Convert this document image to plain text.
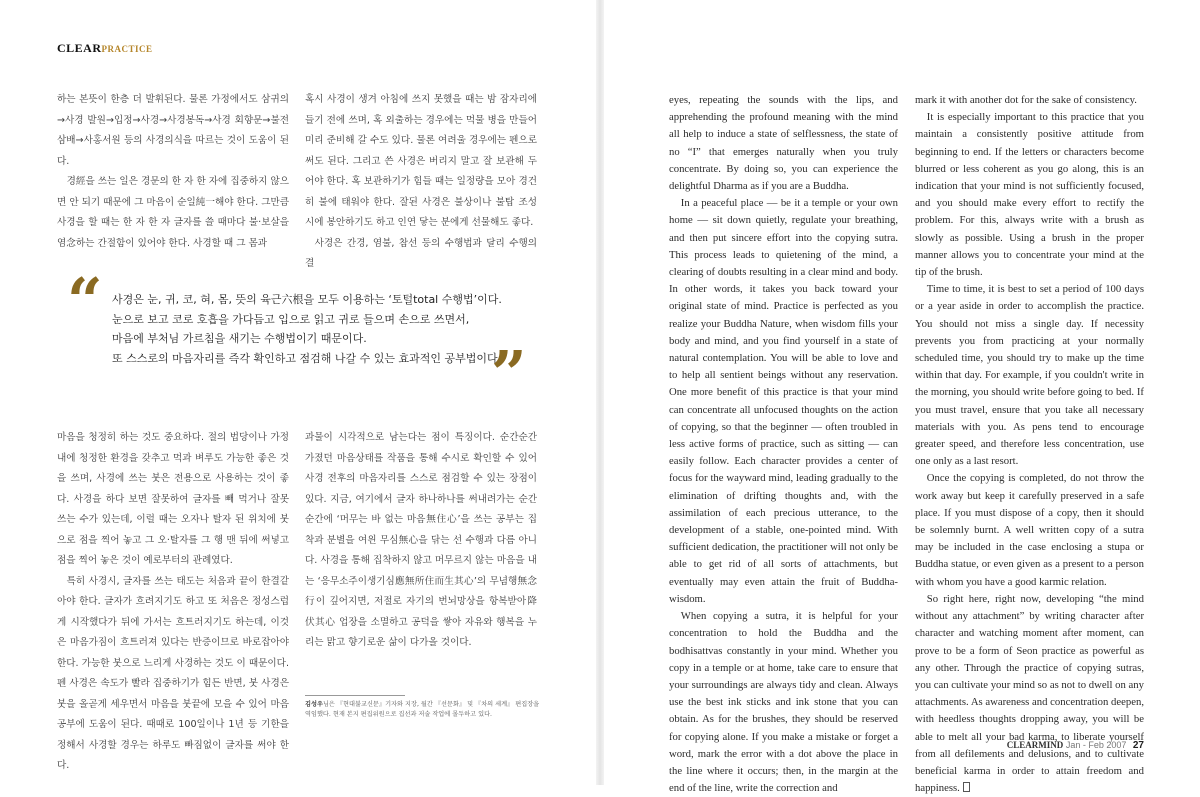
CLEARPRACTICE

하는 본뜻이 한층 더 발휘된다. 물론 가정에서도 삼귀의→사경 발원→입정→사경→사경봉독→사경 회향문→불전 삼배→사홍서원 등의 사경의식을 따르는 것이 도움이 된다.

경經을 쓰는 일은 경문의 한 자 한 자에 집중하지 않으면 안 되기 때문에 그 마음이 순일純一해야 한다. 그만큼 사경을 할 때는 한 자 한 자 글자를 쓸 때마다 불·보살을 염念하는 간절함이 있어야 한다. 사경할 때 그 몸과

혹시 사경이 생겨 아침에 쓰지 못했을 때는 밤 잠자리에 들기 전에 쓰며, 혹 외출하는 경우에는 먹물 병을 만들어 미리 준비해 갈 수도 있다. 물론 여려울 경우에는 펜으로 써도 된다. 그리고 쓴 사경은 버리지 말고 잘 보관해 두어야 한다. 혹 보관하기가 힘들 때는 일정량을 모아 경건히 불에 태워야 한다. 잘된 사경은 불상이나 불탑 조성 시에 봉안하기도 하고 인연 닿는 분에게 선물해도 좋다.

사경은 간경, 염불, 참선 등의 수행법과 달리 수행의 결

“ 사경은 눈, 귀, 코, 혀, 몸, 뜻의 육근六根을 모두 이용하는 ‘토털total 수행법’이다.

눈으로 보고 코로 호흡을 가다듬고 입으로 읽고 귀로 들으며 손으로 쓰면서,

마음에 부처님 가르침을 새기는 수행법이기 때문이다.

또 스스로의 마음자리를 즉각 확인하고 점검해 나갈 수 있는 효과적인 공부법이다.

”

마음을 청정히 하는 것도 중요하다. 절의 법당이나 가정 내에 청정한 환경을 갖추고 먹과 벼루도 가능한 좋은 것을 쓰며, 사경에 쓰는 붓은 전용으로 사용하는 것이 좋다. 사경을 하다 보면 잘못하여 글자를 빼 먹거나 잘못 쓰는 수가 있는데, 이럴 때는 오자나 탈자 된 위치에 붓으로 점을 찍어 놓고 그 오·탈자를 그 행 맨 뒤에 써넣고 점을 찍어 놓은 것이 예로부터의 관례였다.

특히 사경시, 글자를 쓰는 태도는 처음과 끝이 한결같아야 한다. 글자가 흐려지기도 하고 또 처음은 정성스럽게 시작했다가 뒤에 가서는 흐트러지기도 하는데, 이것은 마음가짐이 흐트러져 있다는 반증이므로 바로잡아야 한다. 가능한 붓으로 느리게 사경하는 것도 이 때문이다. 펜 사경은 속도가 빨라 집중하기가 힘든 반면, 붓 사경은 붓을 올곧게 세우면서 마음을 붓끝에 모을 수 있어 마음 공부에 도움이 된다. 때때로 100일이나 1년 등 기한을 정해서 사경할 경우는 하루도 빠짐없이 글자를 써야 한다.

과물이 시각적으로 남는다는 점이 특징이다. 순간순간 가졌던 마음상태를 작품을 통해 수시로 확인할 수 있어 사경 전후의 마음자리를 스스로 점검할 수 있는 장점이 있다. 지금, 여기에서 글자 하나하나를 써내려가는 순간순간에 ‘머무는 바 없는 마음無住心’을 쓰는 공부는 집착과 분별을 여읜 무심無心을 닦는 선 수행과 다름 아니다. 사경을 통해 집착하지 않고 머무르지 않는 마음을 내는 ‘응무소주이생기심應無所住而生其心’의 무념행無念行이 깊어지면, 저절로 자기의 번뇌망상을 항복받아降伏其心 업장을 소멸하고 공덕을 쌓아 자유와 행복을 누리는 맑고 향기로운 삶이 다가올 것이다.

김성우님은 『현대불교신문』기자와 지장, 월간 『선문화』 및 『차의 세계』 편집장을 역임했다. 현재 본지 편집위원으로 집선과 저술 작업에 몰두하고 있다.

eyes, repeating the sounds with the lips, and apprehending the profound meaning with the mind all help to induce a state of selflessness, the state of no “I” that emerges naturally when you truly concentrate. By doing so, you can experience the delightful Dharma as if you are a Buddha.

In a peaceful place — be it a temple or your own home — sit down quietly, regulate your breathing, and then put sincere effort into the copying sutra. This process leads to quietening of the mind, a clearing of doubts resulting in a clear mind and body. In other words, it takes you back toward your original state of mind. Practice is perfected as you realize your Buddha Nature, when wisdom fills your body and mind, and you find yourself in a state of natural contemplation. You will be able to love and to help all sentient beings without any reservation. One more benefit of this practice is that your mind can concentrate all unfocused thoughts on the action of copying, so that the beginner — often troubled in less active forms of practice, such as sitting — can easily follow. Each character provides a center of focus for the wayward mind, leading gradually to the elimination of drifting thoughts and, with the assimilation of each precious utterance, to the development of a stable, one-pointed mind. With sufficient dedication, the practitioner will not only be able to get rid of all sorts of attachments, but eventually may even attain the fruit of Buddha-wisdom.

When copying a sutra, it is helpful for your concentration to hold the Buddha and the bodhisattvas constantly in your mind. Whether you copy in a temple or at home, take care to ensure that your surroundings are always tidy and clean. Always use the best ink sticks and ink stone that you can obtain. As for the brushes, they should be reserved for copying alone. If you make a mistake or forget a word, mark the error with a dot above the place in the line where it occurs; then, in the margin at the end of the line, write the correction and

mark it with another dot for the sake of consistency.

It is especially important to this practice that you maintain a consistently positive attitude from beginning to end. If the letters or characters become blurred or less coherent as you go along, this is an indication that your mind is not sufficiently focused, and you should make every effort to rectify the problem. For this, always write with a brush as slowly as possible. Using a brush in the proper manner allows you to concentrate your mind at the tip of the brush.

Time to time, it is best to set a period of 100 days or a year aside in order to accomplish the practice. You should not miss a single day. If necessity prevents you from practicing at your normally scheduled time, you should try to make up the time within that day. For example, if you couldn't write in the morning, you should write before going to bed. If you must travel, ensure that you take all necessary materials with you. As pens tend to encourage greater speed, and therefore less concentration, use one only as a last resort.

Once the copying is completed, do not throw the work away but keep it carefully preserved in a safe place. If you must dispose of a copy, then it should be solemnly burnt. A well written copy of a sutra may be included in the case enclosing a stupa or Buddha statue, or even given as a present to a person with whom you have a good karmic relation.

So right here, right now, developing “the mind without any attachment” by writing character after character and watching moment after moment, can prove to be a form of Seon practice as powerful as any other. Through the practice of copying sutras, you can cultivate your mind so as not to dwell on any attachments. As awareness and concentration deepen, with heedless thoughts dropping away, you will be able to melt all your bad karma, to liberate yourself from all defilements and delusions, and to cultivate beneficial karma in order to attain freedom and happiness.

CLEARMIND Jan - Feb 2007 27
